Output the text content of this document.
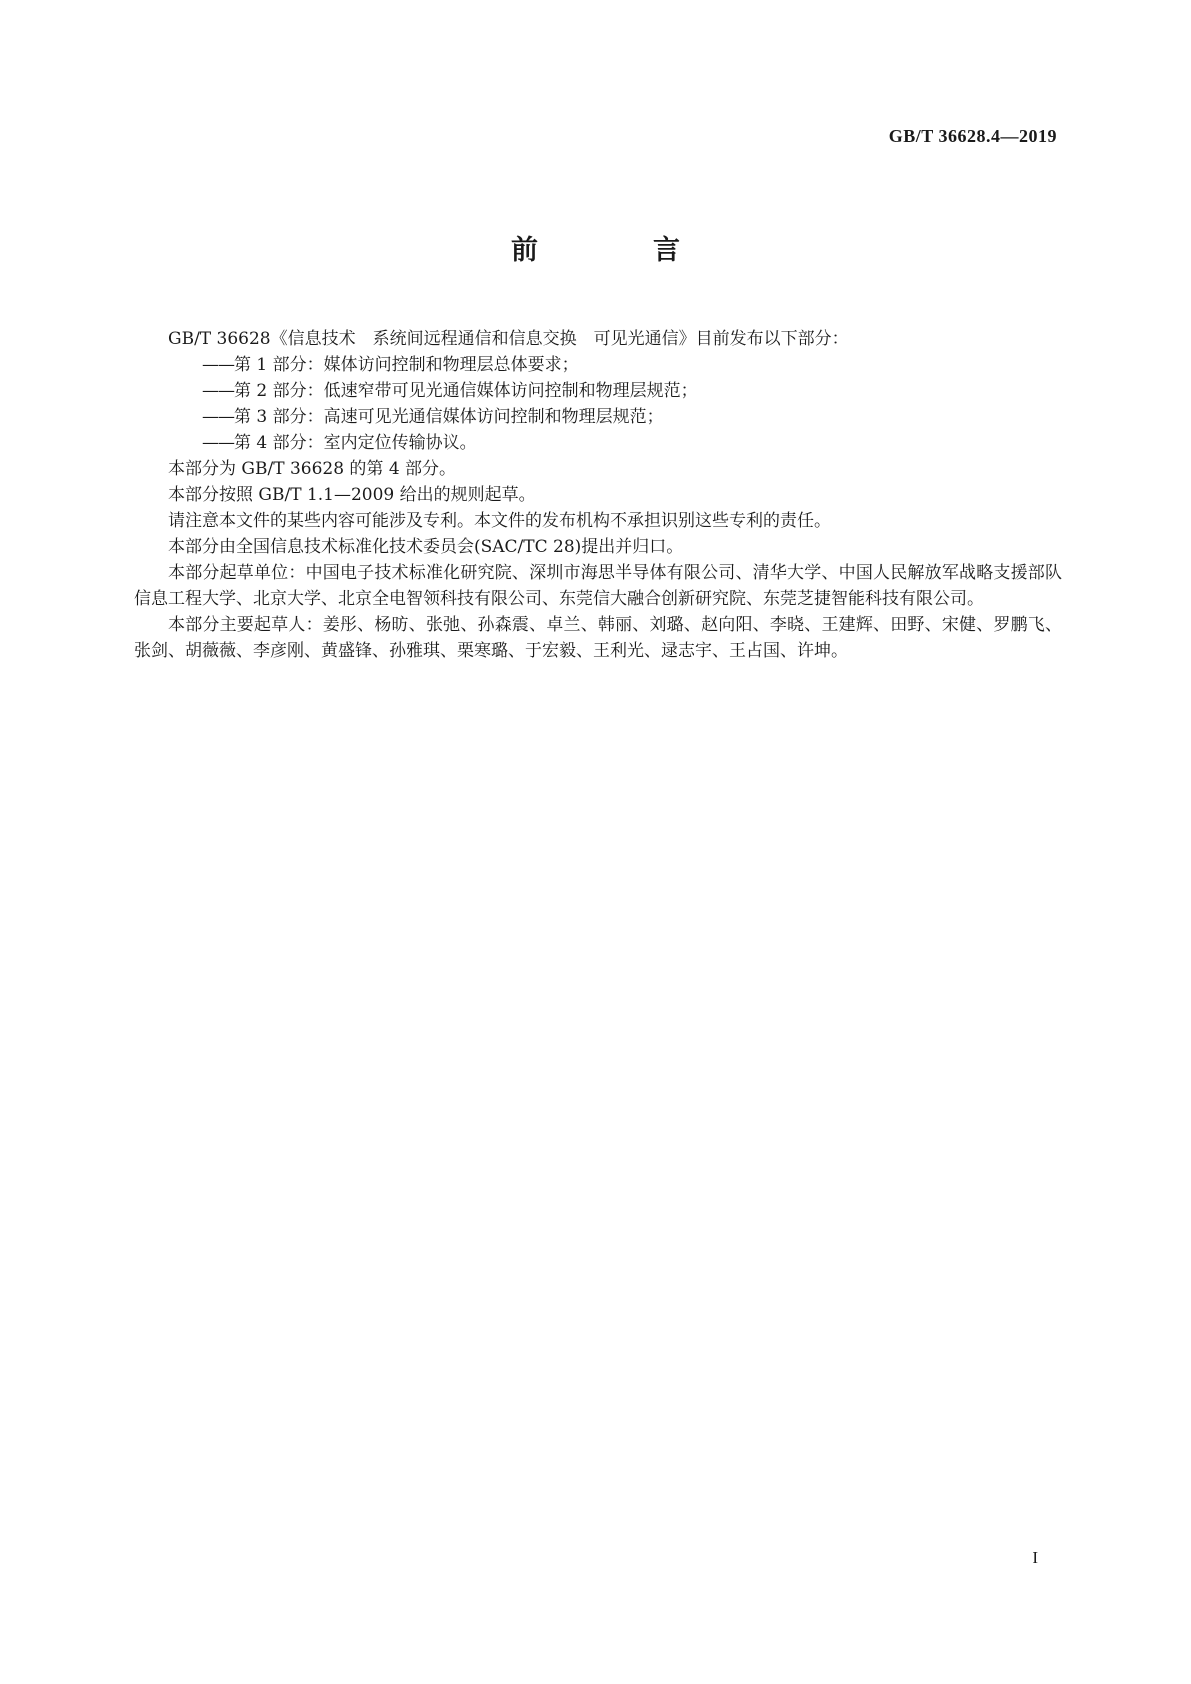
GB/T 36628.4—2019
前　言

GB/T 36628《信息技术　系统间远程通信和信息交换　可见光通信》目前发布以下部分：

——第 1 部分：媒体访问控制和物理层总体要求；

——第 2 部分：低速窄带可见光通信媒体访问控制和物理层规范；

——第 3 部分：高速可见光通信媒体访问控制和物理层规范；

——第 4 部分：室内定位传输协议。

本部分为 GB/T 36628 的第 4 部分。

本部分按照 GB/T 1.1—2009 给出的规则起草。

请注意本文件的某些内容可能涉及专利。本文件的发布机构不承担识别这些专利的责任。

本部分由全国信息技术标准化技术委员会(SAC/TC 28)提出并归口。

本部分起草单位：中国电子技术标准化研究院、深圳市海思半导体有限公司、清华大学、中国人民解放军战略支援部队信息工程大学、北京大学、北京全电智领科技有限公司、东莞信大融合创新研究院、东莞芝捷智能科技有限公司。

本部分主要起草人：姜彤、杨昉、张弛、孙森震、卓兰、韩丽、刘璐、赵向阳、李晓、王建辉、田野、宋健、罗鹏飞、张剑、胡薇薇、李彦刚、黄盛锋、孙雅琪、栗寒璐、于宏毅、王利光、逯志宇、王占国、许坤。

I
